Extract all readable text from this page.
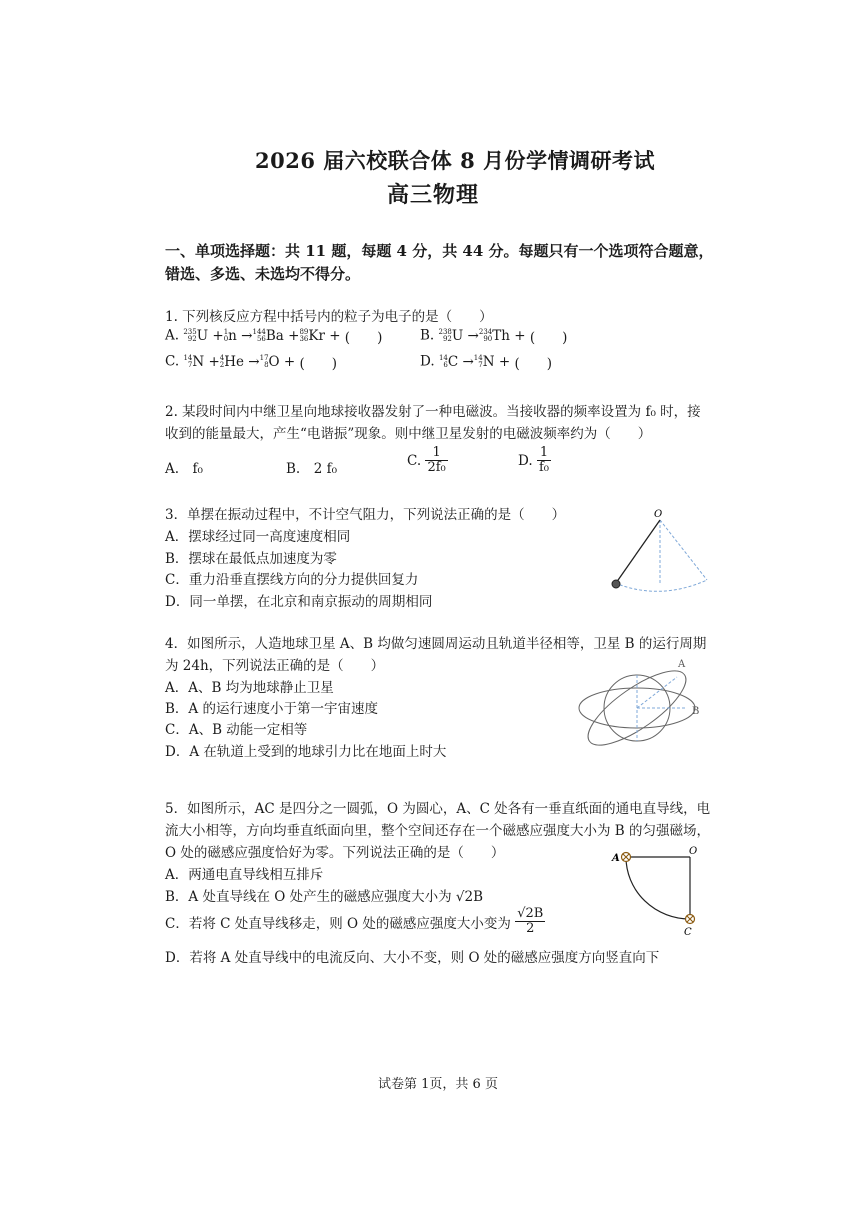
2026 届六校联合体 8 月份学情调研考试
高三物理
一、单项选择题：共 11 题，每题 4 分，共 44 分。每题只有一个选项符合题意，
错选、多选、未选均不得分。
1. 下列核反应方程中括号内的粒子为电子的是（　　）
A. 235
92 U + 1
0 n → 144
56 Ba + 89
36 Kr + (　　)	B. 238
92 U → 234
90 Th + (　　)
C. 14
7 N + 4
2 He → 17
8 O + (　　)	D. 14
6 C → 14
7 N + (　　)
2. 某段时间内中继卫星向地球接收器发射了一种电磁波。当接收器的频率设置为 f₀ 时，接
收到的能量最大，产生“电谐振”现象。则中继卫星发射的电磁波频率约为（　　）
A.　f₀	B.　2 f₀
C. $\frac{1}{\text{2f₀}}$	D. $\frac{1}{\text{f₀}}$
3．单摆在振动过程中，不计空气阻力，下列说法正确的是（　　）
A．摆球经过同一高度速度相同
B．摆球在最低点加速度为零
C．重力沿垂直摆线方向的分力提供回复力
D．同一单摆，在北京和南京振动的周期相同
O
4．如图所示，人造地球卫星 A、B 均做匀速圆周运动且轨道半径相等，卫星 B 的运行周期
为 24h，下列说法正确的是（　　）
A．A、B 均为地球静止卫星
B．A 的运行速度小于第一宇宙速度
C．A、B 动能一定相等
D．A 在轨道上受到的地球引力比在地面上时大
A
B
5．如图所示，AC 是四分之一圆弧，O 为圆心，A、C 处各有一垂直纸面的通电直导线，电
流大小相等，方向均垂直纸面向里，整个空间还存在一个磁感应强度大小为 B 的匀强磁场，
O 处的磁感应强度恰好为零。下列说法正确的是（　　）
A．两通电直导线相互排斥
B．A 处直导线在 O 处产生的磁感应强度大小为 √2B
C．若将 C 处直导线移走，则 O 处的磁感应强度大小变为 $\frac{√2B}{2}$
D．若将 A 处直导线中的电流反向、大小不变，则 O 处的磁感应强度方向竖直向下
A
O
C
试卷第 1页，共 6 页
